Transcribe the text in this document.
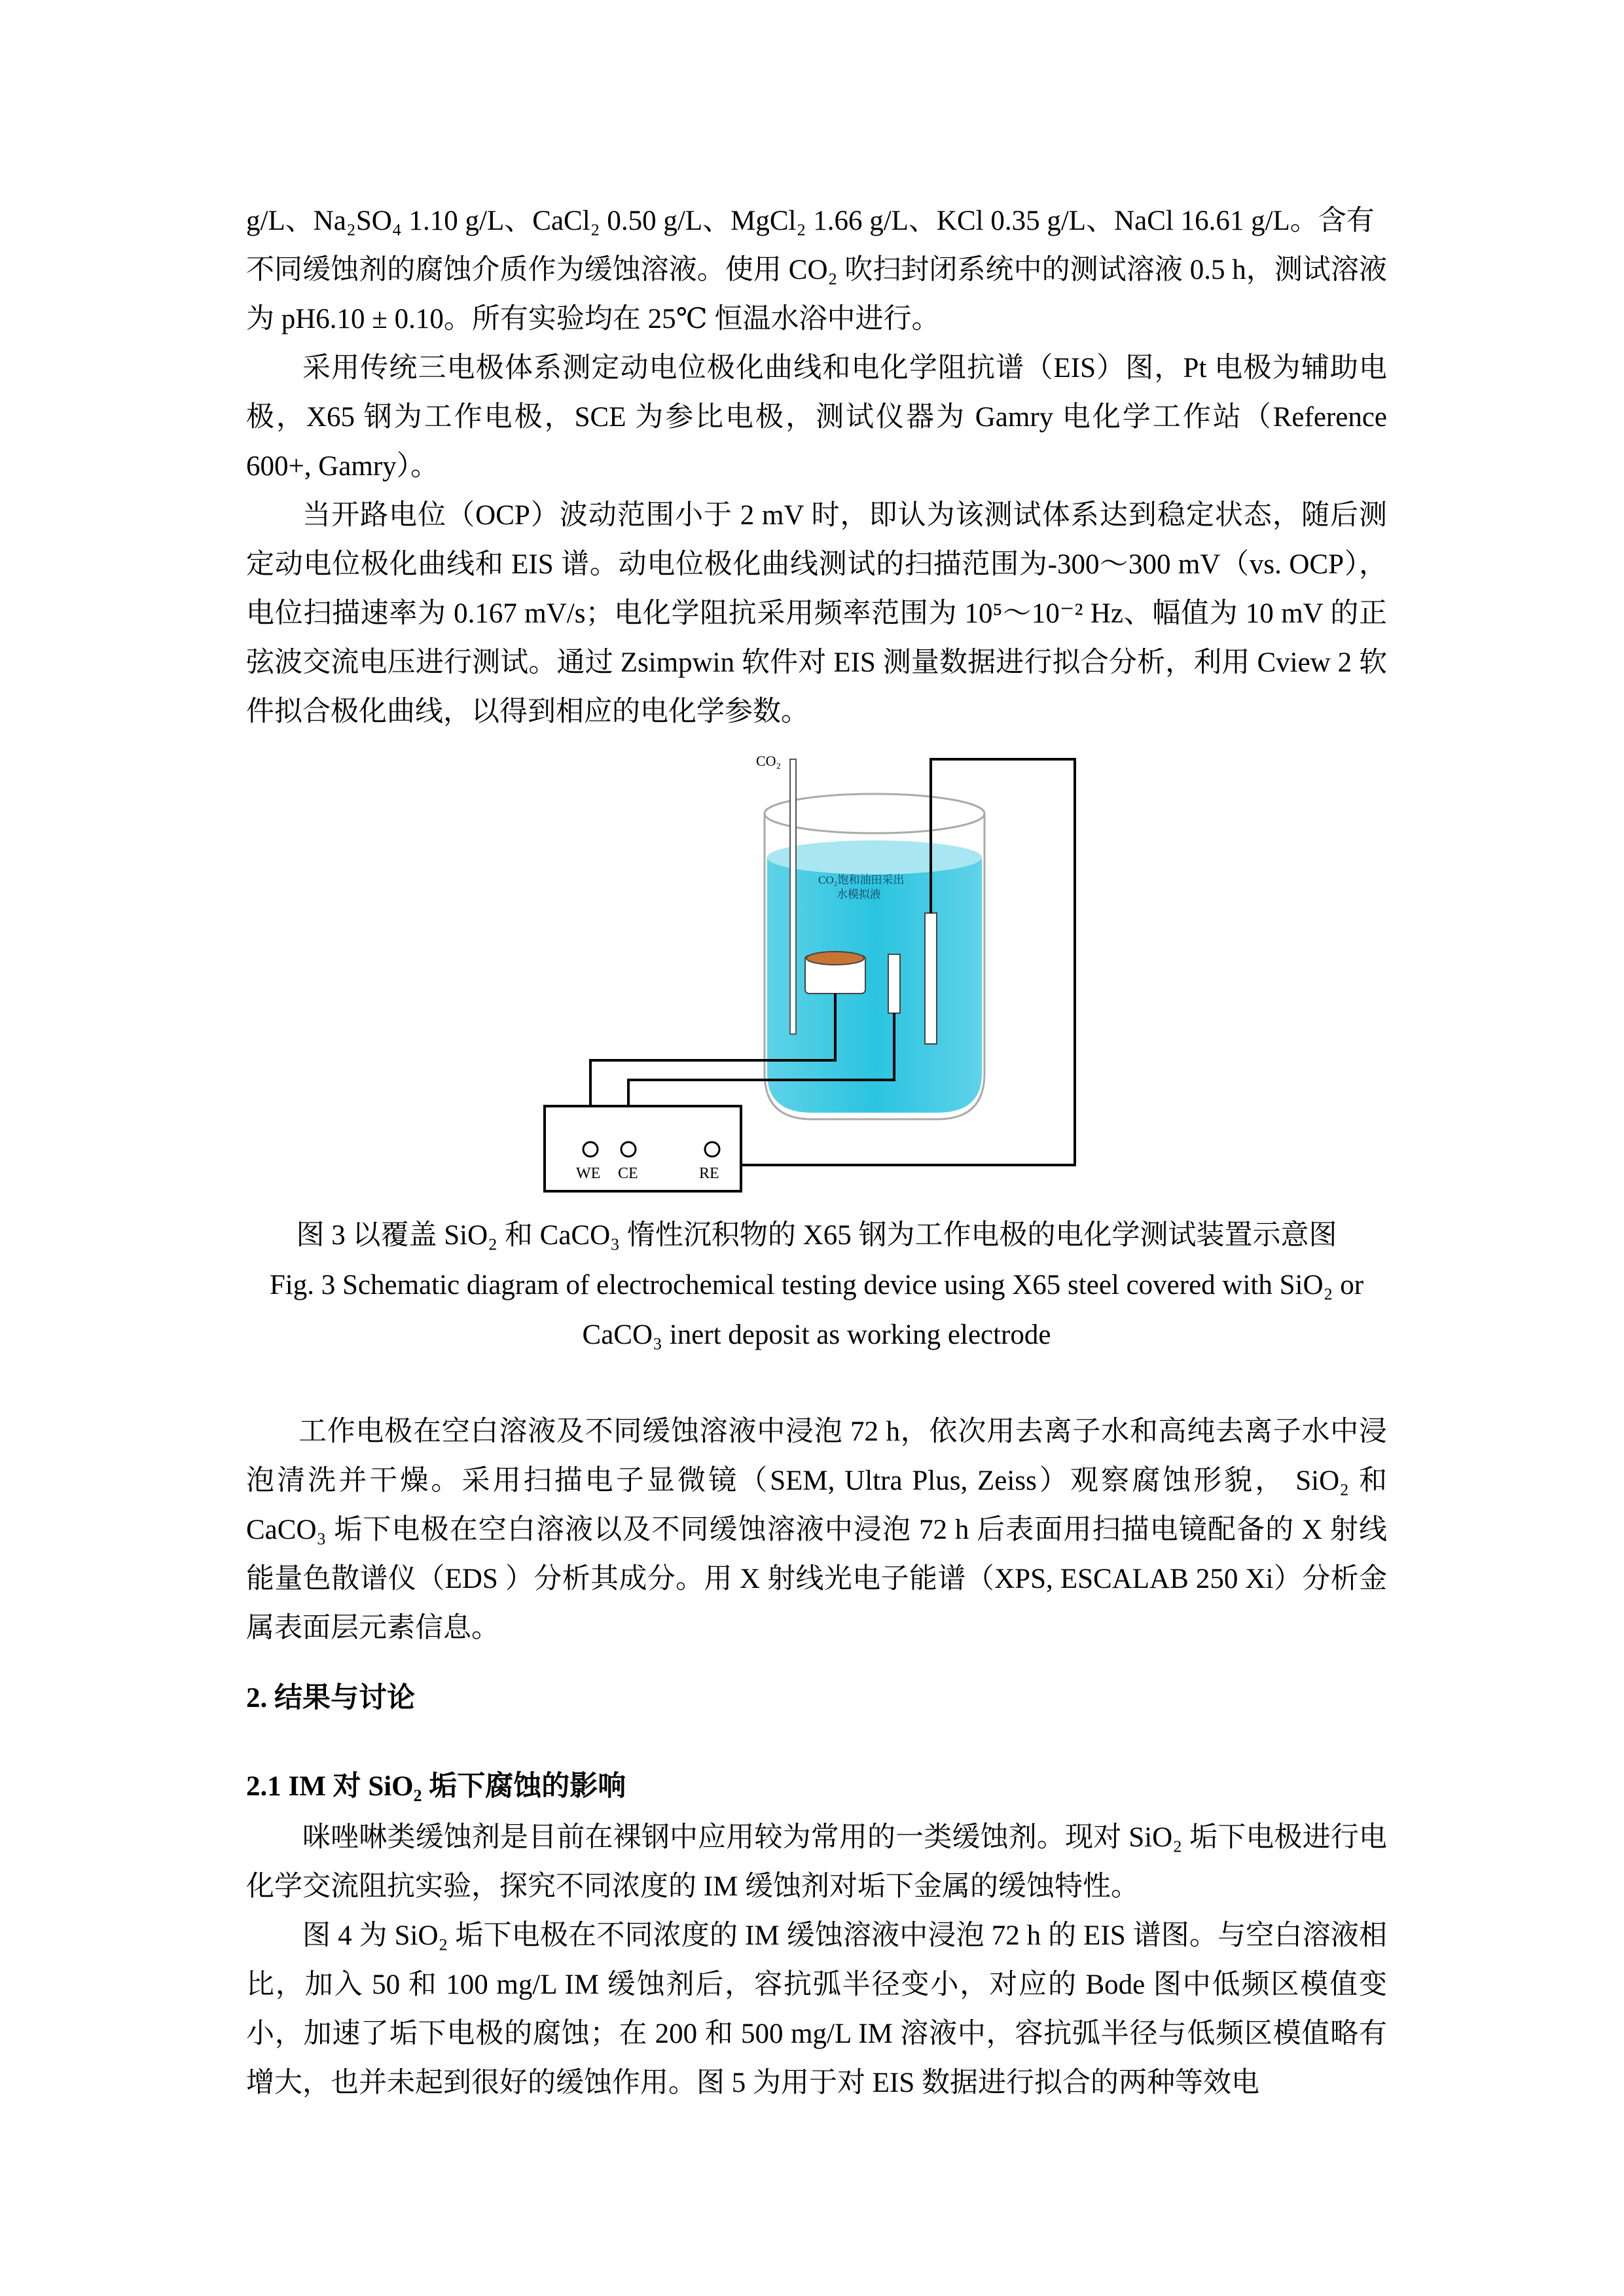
g/L、Na₂SO₄ 1.10 g/L、CaCl₂ 0.50 g/L、MgCl₂ 1.66 g/L、KCl 0.35 g/L、NaCl 16.61 g/L。含有
不同缓蚀剂的腐蚀介质作为缓蚀溶液。使用 CO₂ 吹扫封闭系统中的测试溶液 0.5 h，测试溶液为 pH6.10 ± 0.10。所有实验均在 25℃ 恒温水浴中进行。

采用传统三电极体系测定动电位极化曲线和电化学阻抗谱（EIS）图，Pt 电极为辅助电极，X65 钢为工作电极，SCE 为参比电极，测试仪器为 Gamry 电化学工作站（Reference 600+, Gamry）。

当开路电位（OCP）波动范围小于 2 mV 时，即认为该测试体系达到稳定状态，随后测定动电位极化曲线和 EIS 谱。动电位极化曲线测试的扫描范围为-300～300 mV（vs. OCP），电位扫描速率为 0.167 mV/s；电化学阻抗采用频率范围为 10⁵～10⁻² Hz、幅值为 10 mV 的正弦波交流电压进行测试。通过 Zsimpwin 软件对 EIS 测量数据进行拟合分析，利用 Cview 2 软件拟合极化曲线，以得到相应的电化学参数。

CO₂
CO₂饱和油田采出
水模拟液
WE CE	RE

图 3 以覆盖 SiO₂ 和 CaCO₃ 惰性沉积物的 X65 钢为工作电极的电化学测试装置示意图

Fig. 3 Schematic diagram of electrochemical testing device using X65 steel covered with SiO₂ or

CaCO₃ inert deposit as working electrode

工作电极在空白溶液及不同缓蚀溶液中浸泡 72 h，依次用去离子水和高纯去离子水中浸泡清洗并干燥。采用扫描电子显微镜（SEM, Ultra Plus, Zeiss）观察腐蚀形貌， SiO₂ 和 CaCO₃ 垢下电极在空白溶液以及不同缓蚀溶液中浸泡 72 h 后表面用扫描电镜配备的 X 射线能量色散谱仪（EDS ）分析其成分。用 X 射线光电子能谱（XPS, ESCALAB 250 Xi）分析金属表面层元素信息。

2. 结果与讨论

2.1 IM 对 SiO₂ 垢下腐蚀的影响

咪唑啉类缓蚀剂是目前在裸钢中应用较为常用的一类缓蚀剂。现对 SiO₂ 垢下电极进行电化学交流阻抗实验，探究不同浓度的 IM 缓蚀剂对垢下金属的缓蚀特性。

图 4 为 SiO₂ 垢下电极在不同浓度的 IM 缓蚀溶液中浸泡 72 h 的 EIS 谱图。与空白溶液相比，加入 50 和 100 mg/L IM 缓蚀剂后，容抗弧半径变小，对应的 Bode 图中低频区模值变小，加速了垢下电极的腐蚀；在 200 和 500 mg/L IM 溶液中，容抗弧半径与低频区模值略有增大，也并未起到很好的缓蚀作用。图 5 为用于对 EIS 数据进行拟合的两种等效电
